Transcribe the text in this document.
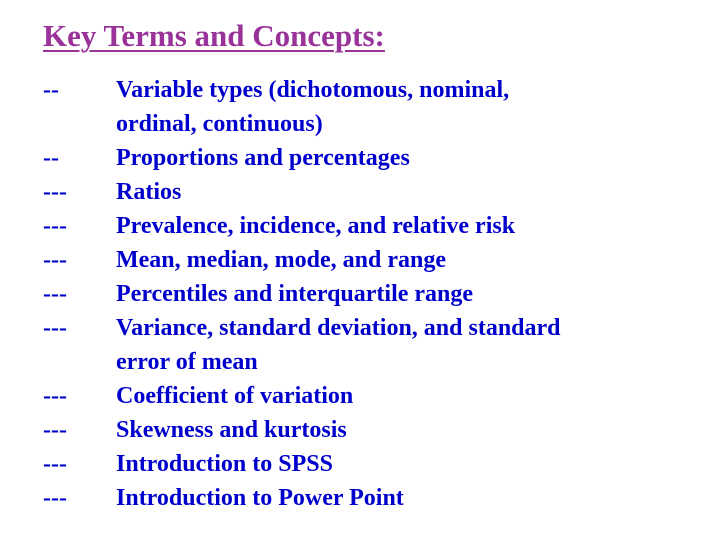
Key Terms and Concepts:
-- Variable types (dichotomous, nominal,
ordinal, continuous)
-- Proportions and percentages
--- Ratios
--- Prevalence, incidence, and relative risk
--- Mean, median, mode, and range
--- Percentiles and interquartile range
--- Variance, standard deviation, and standard
error of mean
--- Coefficient of variation
--- Skewness and kurtosis
--- Introduction to SPSS
--- Introduction to Power Point
